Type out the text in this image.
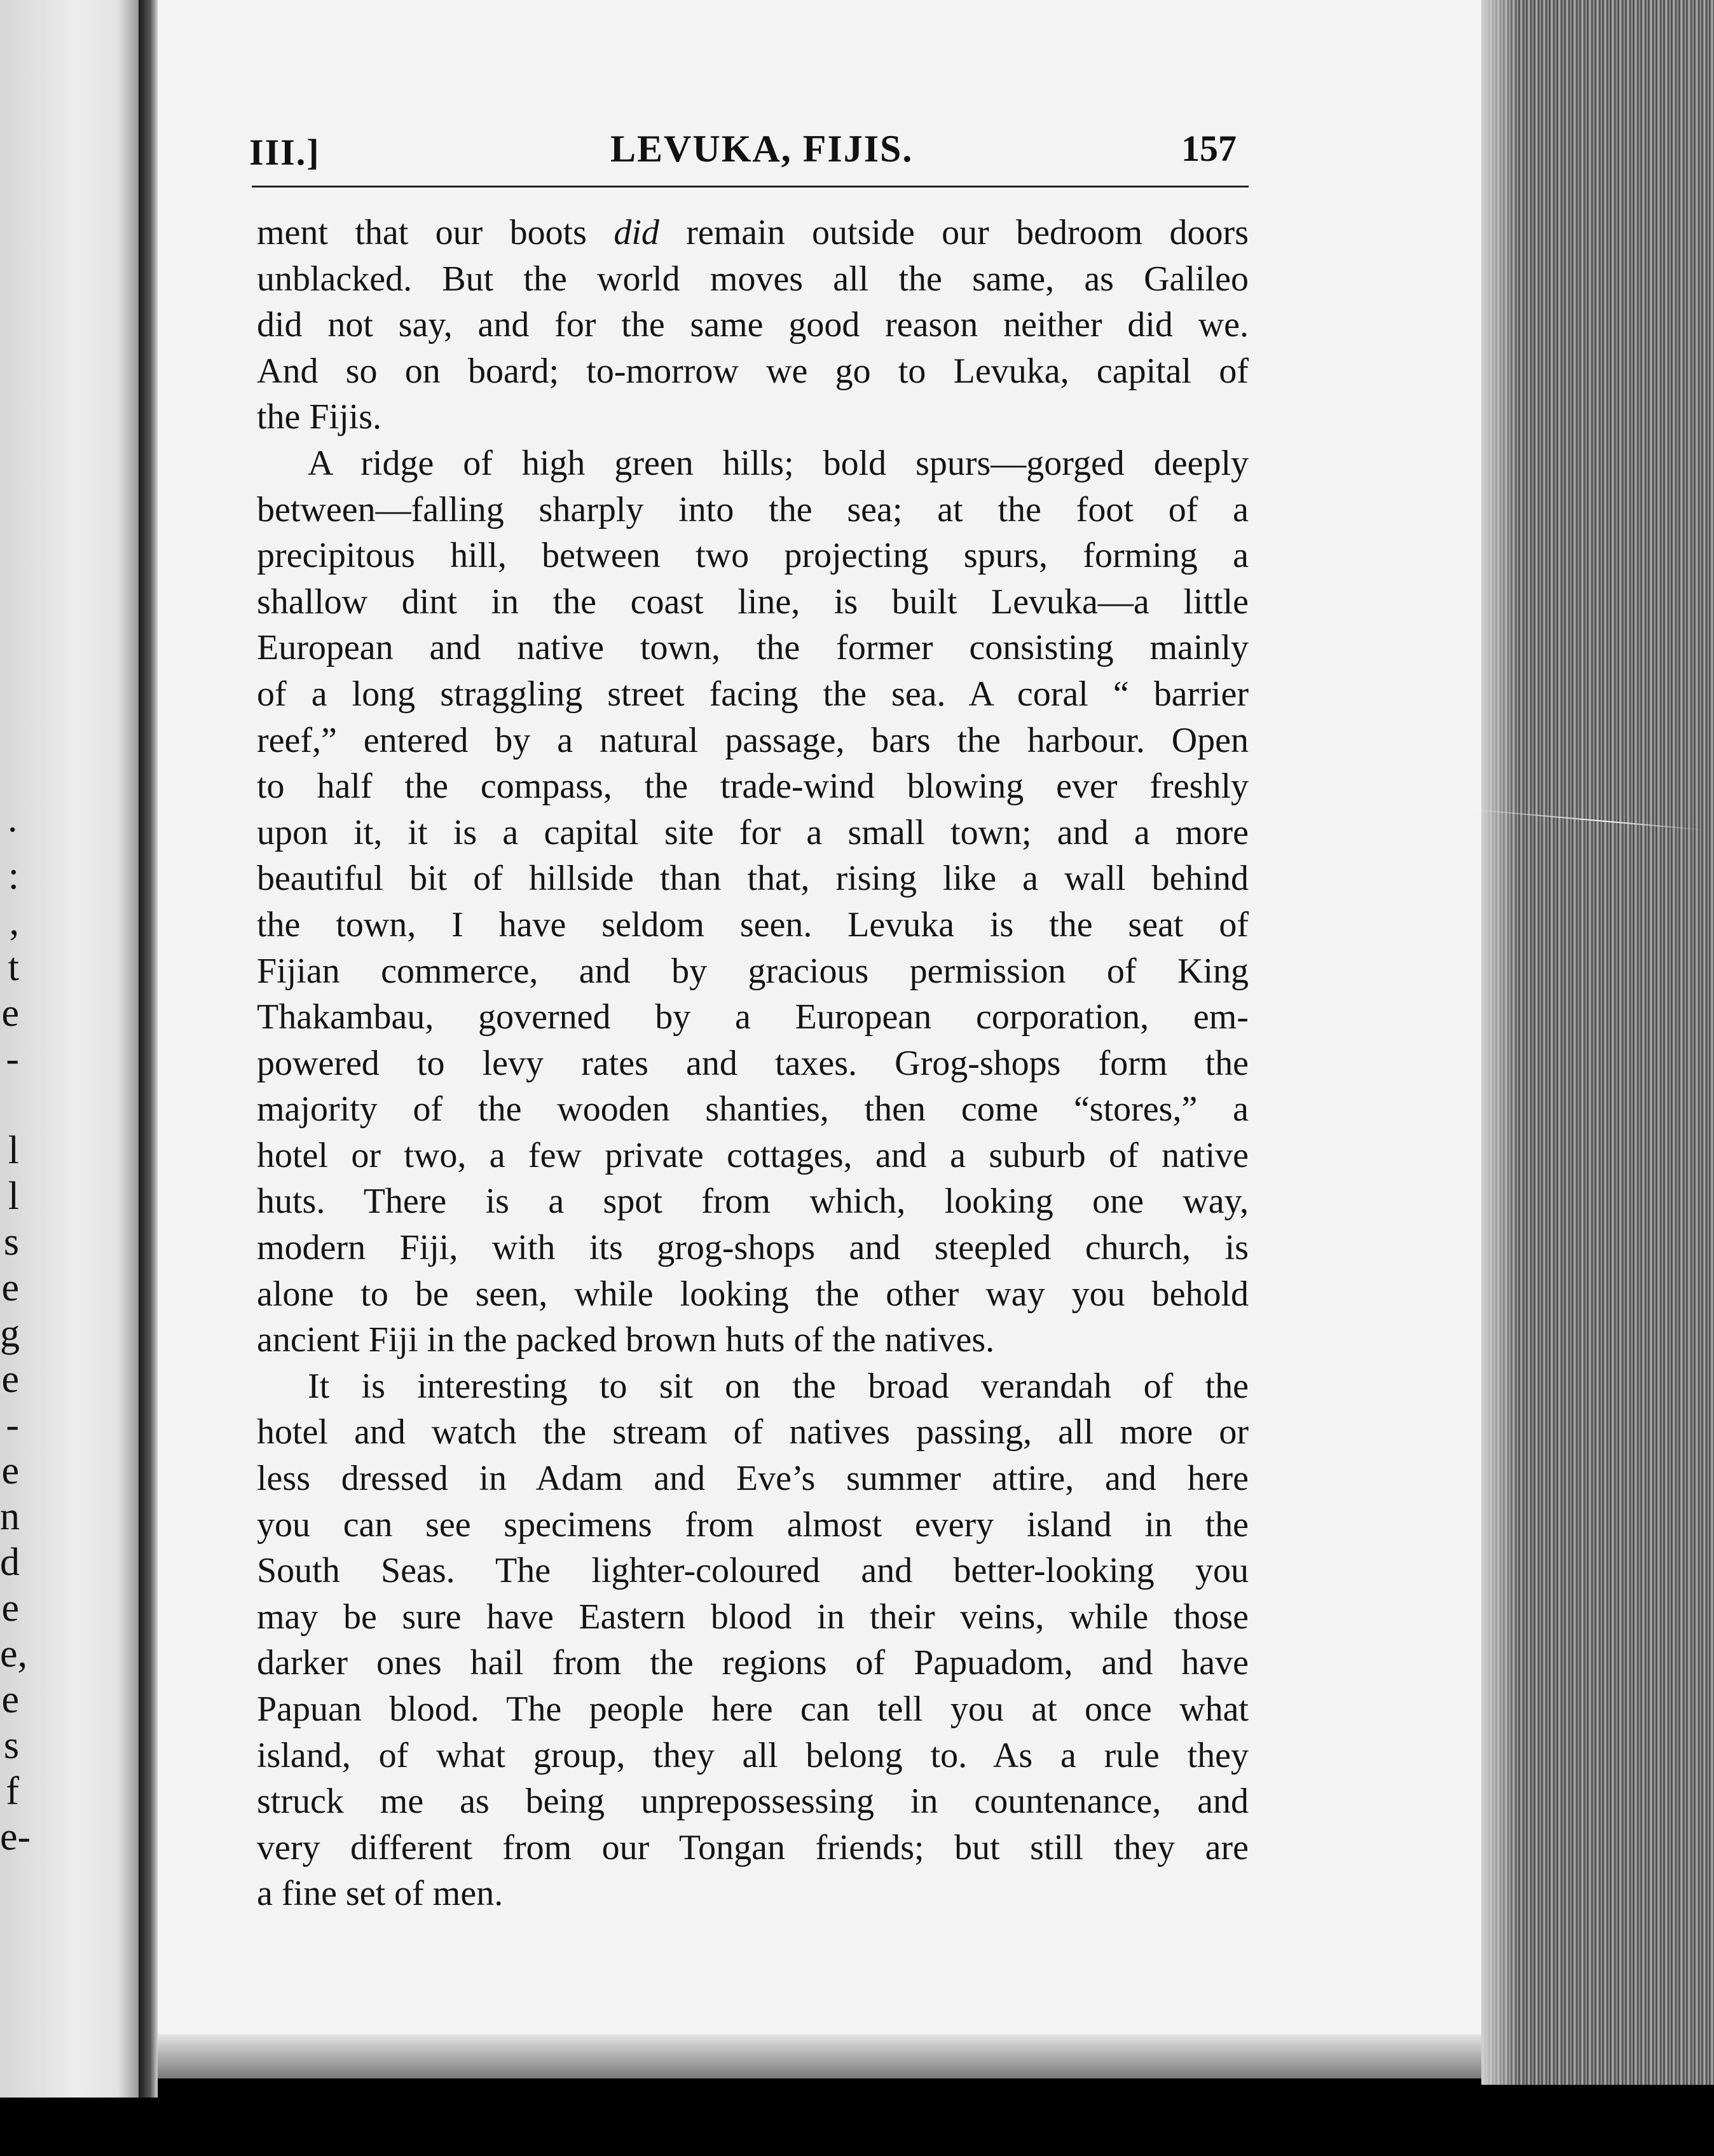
·
:
,
t
e
-

l
l
s
e
g
e
-
e
n
d
e
e,
e
s
f
e-
III.]	LEVUKA, FIJIS.	157

ment that our boots did remain outside our bedroom doors
unblacked. But the world moves all the same, as Galileo
did not say, and for the same good reason neither did we.
And so on board; to-morrow we go to Levuka, capital of
the Fijis.

A ridge of high green hills; bold spurs—gorged deeply
between—falling sharply into the sea; at the foot of a
precipitous hill, between two projecting spurs, forming a
shallow dint in the coast line, is built Levuka—a little
European and native town, the former consisting mainly
of a long straggling street facing the sea. A coral “ barrier
reef,” entered by a natural passage, bars the harbour. Open
to half the compass, the trade-wind blowing ever freshly
upon it, it is a capital site for a small town; and a more
beautiful bit of hillside than that, rising like a wall behind
the town, I have seldom seen. Levuka is the seat of
Fijian commerce, and by gracious permission of King
Thakambau, governed by a European corporation, em-
powered to levy rates and taxes. Grog-shops form the
majority of the wooden shanties, then come “stores,” a
hotel or two, a few private cottages, and a suburb of native
huts. There is a spot from which, looking one way,
modern Fiji, with its grog-shops and steepled church, is
alone to be seen, while looking the other way you behold
ancient Fiji in the packed brown huts of the natives.

It is interesting to sit on the broad verandah of the
hotel and watch the stream of natives passing, all more or
less dressed in Adam and Eve’s summer attire, and here
you can see specimens from almost every island in the
South Seas. The lighter-coloured and better-looking you
may be sure have Eastern blood in their veins, while those
darker ones hail from the regions of Papuadom, and have
Papuan blood. The people here can tell you at once what
island, of what group, they all belong to. As a rule they
struck me as being unprepossessing in countenance, and
very different from our Tongan friends; but still they are
a fine set of men.
